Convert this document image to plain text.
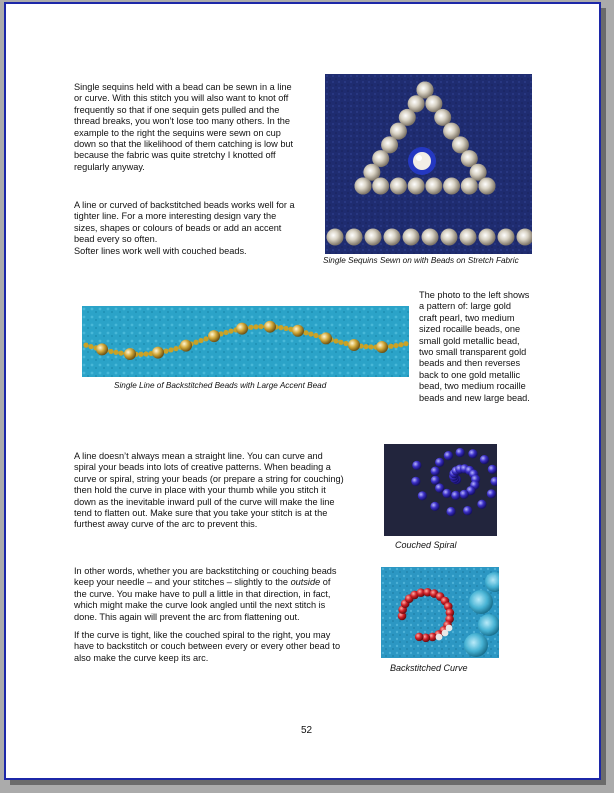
Single sequins held with a bead can be sewn in a line
or curve. With this stitch you will also want to knot off
frequently so that if one sequin gets pulled and the
thread breaks, you won’t lose too many others. In the
example to the right the sequins were sewn on cup
down so that the likelihood of them catching is low but
because the fabric was quite stretchy I knotted off
regularly anyway.

A line or curved of backstitched beads works well for a
tighter line. For a more interesting design vary the
sizes, shapes or colours of beads or add an accent
bead every so often.
Softer lines work well with couched beads.

Single Sequins Sewn on with Beads on Stretch Fabric
Single Line of Backstitched Beads with Large Accent Bead

The photo to the left shows
a pattern of: large gold
craft pearl, two medium
sized rocaille beads, one
small gold metallic bead,
two small transparent gold
beads and then reverses
back to one gold metallic
bead, two medium rocaille
beads and new large bead.

A line doesn’t always mean a straight line. You can curve and
spiral your beads into lots of creative patterns. When beading a
curve or spiral, string your beads (or prepare a string for couching)
then hold the curve in place with your thumb while you stitch it
down as the inevitable inward pull of the curve will make the line
tend to flatten out. Make sure that you take your stitch is at the
furthest away curve of the arc to prevent this.

Couched Spiral

In other words, whether you are backstitching or couching beads
keep your needle – and your stitches – slightly to the outside of
the curve. You make have to pull a little in that direction, in fact,
which might make the curve look angled until the next stitch is
done. This again will prevent the arc from flattening out.

If the curve is tight, like the couched spiral to the right, you may
have to backstitch or couch between every or every other bead to
also make the curve keep its arc.

Backstitched Curve
52
